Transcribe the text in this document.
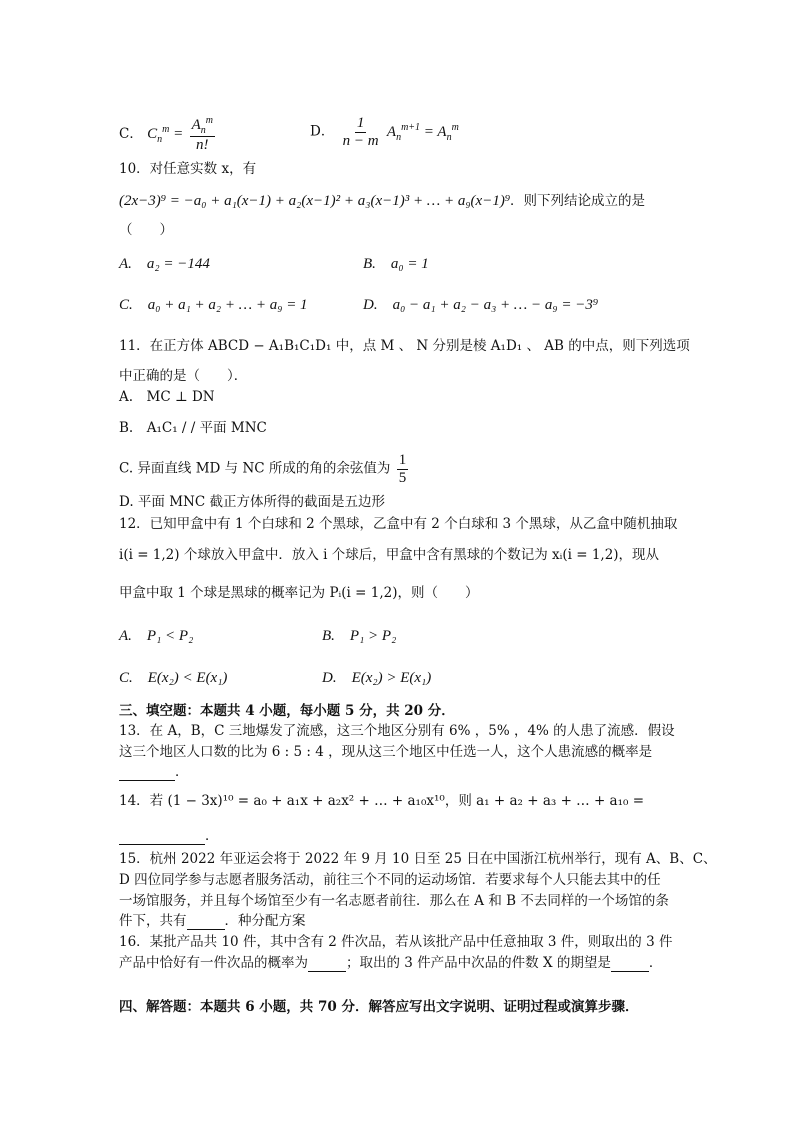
C． $C_n^m = \frac{A_n^m}{n!}$	D． $\frac{1}{n - m} A_n^{m+1} = A_n^m$
10．对任意实数 x，有
(2x−3)⁹ = −a₀ + a₁(x−1) + a₂(x−1)² + a₃(x−1)³ + … + a₉(x−1)⁹．则下列结论成立的是
（　　）
A.　a₂ = −144	B.　a₀ = 1
C.　a₀ + a₁ + a₂ + … + a₉ = 1	D.　a₀ − a₁ + a₂ − a₃ + … − a₉ = −3⁹
11．在正方体 ABCD − A₁B₁C₁D₁ 中，点 M 、 N 分别是棱 A₁D₁ 、 AB 的中点，则下列选项
中正确的是（　　）．
A.　MC ⊥ DN
B.　A₁C₁ / / 平面 MNC
C. 异面直线 MD 与 NC 所成的角的余弦值为 $\frac{1}{5}$
D. 平面 MNC 截正方体所得的截面是五边形
12．已知甲盒中有 1 个白球和 2 个黑球，乙盒中有 2 个白球和 3 个黑球，从乙盒中随机抽取
i(i = 1,2) 个球放入甲盒中．放入 i 个球后，甲盒中含有黑球的个数记为 xᵢ(i = 1,2)，现从
甲盒中取 1 个球是黑球的概率记为 Pᵢ(i = 1,2)，则（　　）
A.　P₁ < P₂	B.　P₁ > P₂
C.　E(x₂) < E(x₁)	D.　E(x₂) > E(x₁)
三、填空题：本题共 4 小题，每小题 5 分，共 20 分．
13．在 A，B，C 三地爆发了流感，这三个地区分别有 6% ，5% ，4% 的人患了流感．假设
这三个地区人口数的比为 6 : 5 : 4 ，现从这三个地区中任选一人，这个人患流感的概率是
．
14．若 (1 − 3x)¹⁰ = a₀ + a₁x + a₂x² + … + a₁₀x¹⁰，则 a₁ + a₂ + a₃ + … + a₁₀ =
．
15．杭州 2022 年亚运会将于 2022 年 9 月 10 日至 25 日在中国浙江杭州举行，现有 A、B、C、
D 四位同学参与志愿者服务活动，前往三个不同的运动场馆．若要求每个人只能去其中的任
一场馆服务，并且每个场馆至少有一名志愿者前往．那么在 A 和 B 不去同样的一个场馆的条
件下，共有	．种分配方案
16．某批产品共 10 件，其中含有 2 件次品，若从该批产品中任意抽取 3 件，则取出的 3 件
产品中恰好有一件次品的概率为	；取出的 3 件产品中次品的件数 X 的期望是	．
四、解答题：本题共 6 小题，共 70 分．解答应写出文字说明、证明过程或演算步骤．
